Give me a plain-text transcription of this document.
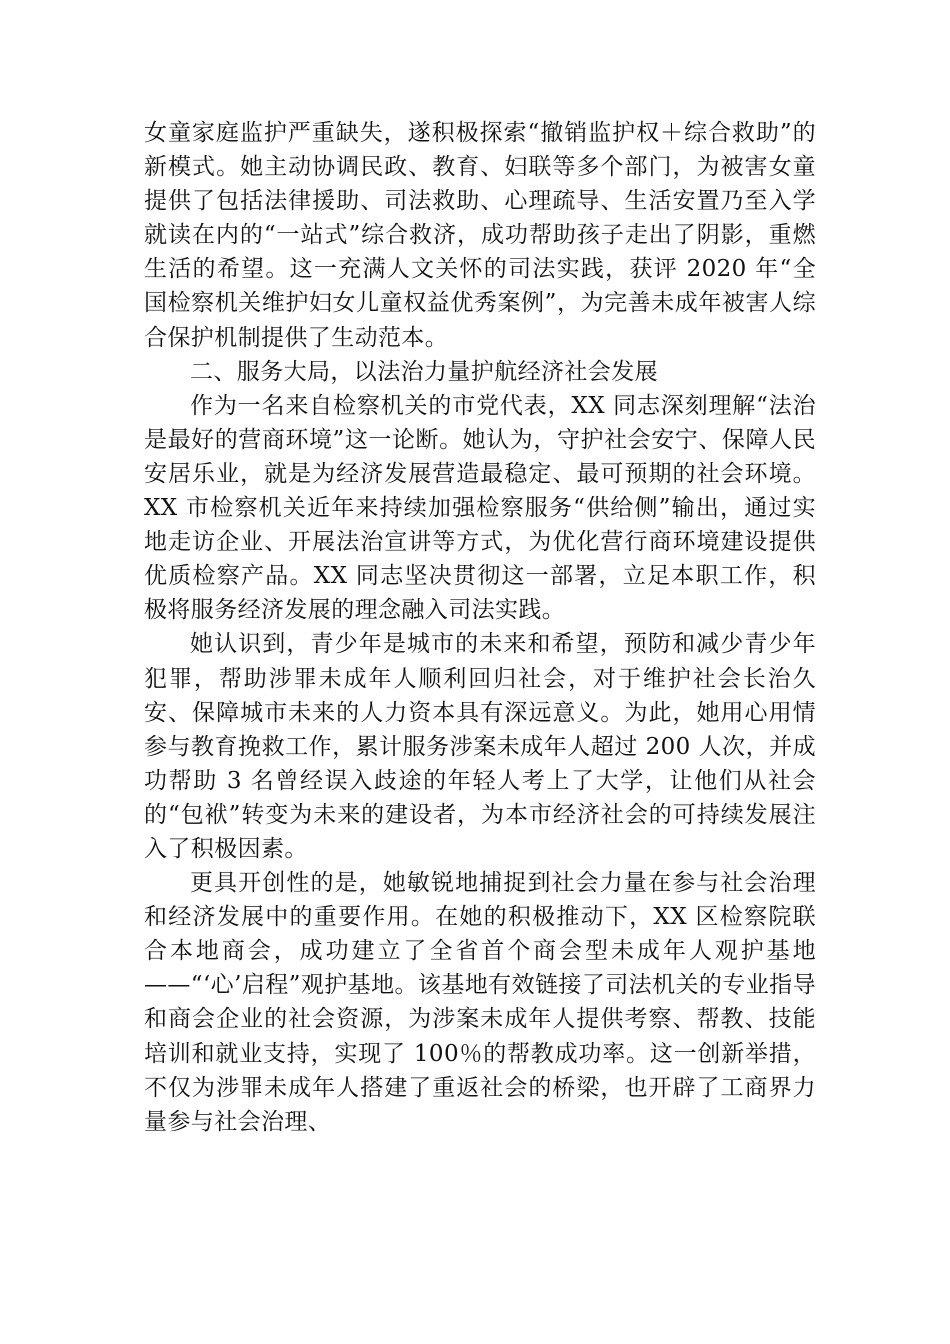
女童家庭监护严重缺失，遂积极探索“撤销监护权＋综合救助”的新模式。她主动协调民政、教育、妇联等多个部门，为被害女童提供了包括法律援助、司法救助、心理疏导、生活安置乃至入学就读在内的“一站式”综合救济，成功帮助孩子走出了阴影，重燃生活的希望。这一充满人文关怀的司法实践，获评 2020 年“全国检察机关维护妇女儿童权益优秀案例”，为完善未成年被害人综合保护机制提供了生动范本。

二、服务大局，以法治力量护航经济社会发展

作为一名来自检察机关的市党代表，XX 同志深刻理解“法治是最好的营商环境”这一论断。她认为，守护社会安宁、保障人民安居乐业，就是为经济发展营造最稳定、最可预期的社会环境。XX 市检察机关近年来持续加强检察服务“供给侧”输出，通过实地走访企业、开展法治宣讲等方式，为优化营行商环境建设提供优质检察产品。XX 同志坚决贯彻这一部署，立足本职工作，积极将服务经济发展的理念融入司法实践。

她认识到，青少年是城市的未来和希望，预防和减少青少年犯罪，帮助涉罪未成年人顺利回归社会，对于维护社会长治久安、保障城市未来的人力资本具有深远意义。为此，她用心用情参与教育挽救工作，累计服务涉案未成年人超过 200 人次，并成功帮助 3 名曾经误入歧途的年轻人考上了大学，让他们从社会的“包袱”转变为未来的建设者，为本市经济社会的可持续发展注入了积极因素。

更具开创性的是，她敏锐地捕捉到社会力量在参与社会治理和经济发展中的重要作用。在她的积极推动下，XX 区检察院联合本地商会，成功建立了全省首个商会型未成年人观护基地——“‘心’启程”观护基地。该基地有效链接了司法机关的专业指导和商会企业的社会资源，为涉案未成年人提供考察、帮教、技能培训和就业支持，实现了 100％的帮教成功率。这一创新举措，不仅为涉罪未成年人搭建了重返社会的桥梁，也开辟了工商界力量参与社会治理、
